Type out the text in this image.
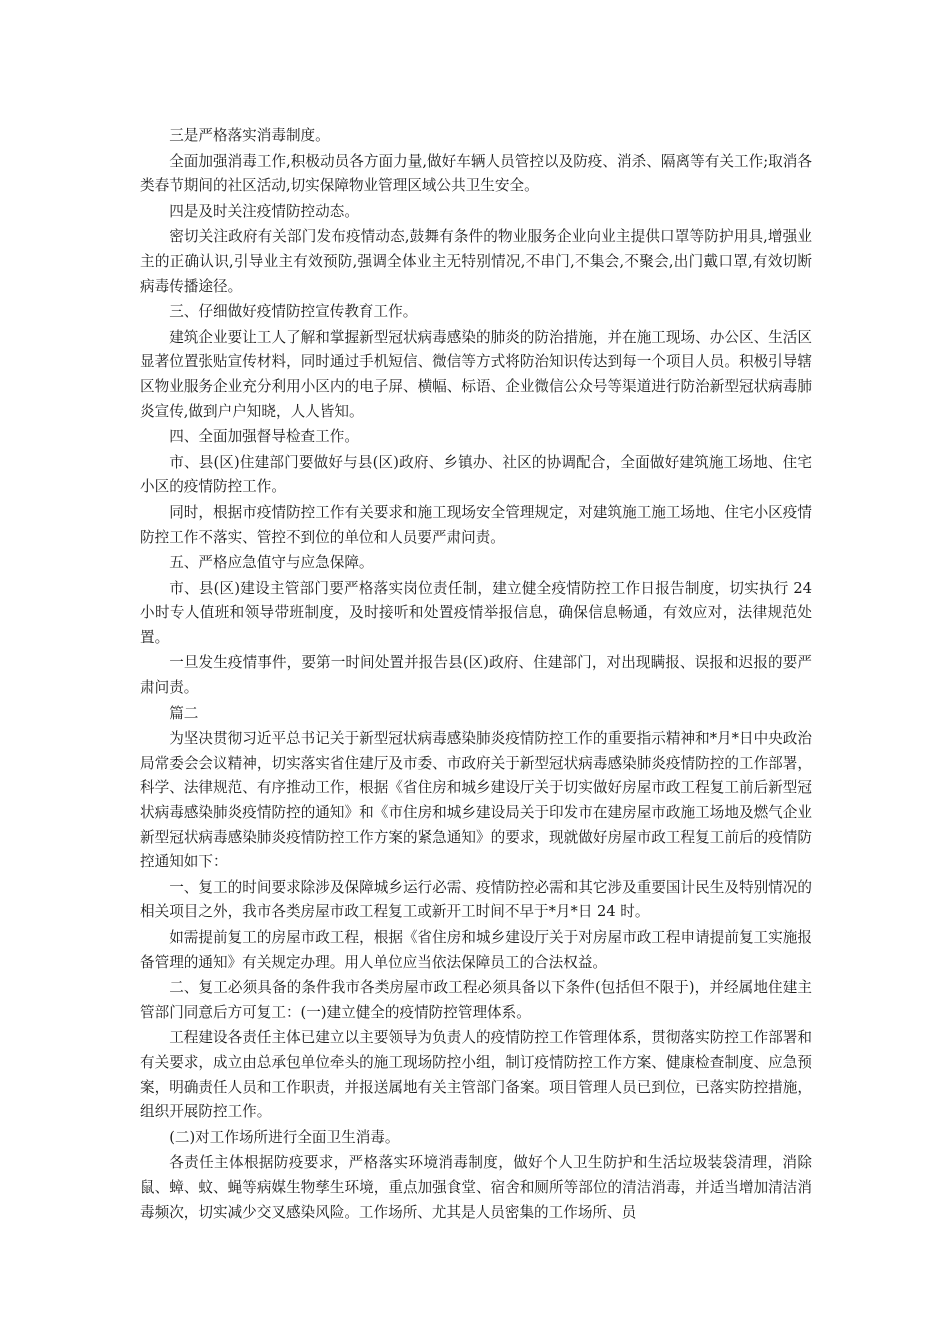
三是严格落实消毒制度。

全面加强消毒工作,积极动员各方面力量,做好车辆人员管控以及防疫、消杀、隔离等有关工作;取消各类春节期间的社区活动,切实保障物业管理区域公共卫生安全。

四是及时关注疫情防控动态。

密切关注政府有关部门发布疫情动态,鼓舞有条件的物业服务企业向业主提供口罩等防护用具,增强业主的正确认识,引导业主有效预防,强调全体业主无特别情况,不串门,不集会,不聚会,出门戴口罩,有效切断病毒传播途径。

三、仔细做好疫情防控宣传教育工作。

建筑企业要让工人了解和掌握新型冠状病毒感染的肺炎的防治措施，并在施工现场、办公区、生活区显著位置张贴宣传材料，同时通过手机短信、微信等方式将防治知识传达到每一个项目人员。积极引导辖区物业服务企业充分利用小区内的电子屏、横幅、标语、企业微信公众号等渠道进行防治新型冠状病毒肺炎宣传,做到户户知晓，人人皆知。

四、全面加强督导检查工作。

市、县(区)住建部门要做好与县(区)政府、乡镇办、社区的协调配合，全面做好建筑施工场地、住宅小区的疫情防控工作。

同时，根据市疫情防控工作有关要求和施工现场安全管理规定，对建筑施工施工场地、住宅小区疫情防控工作不落实、管控不到位的单位和人员要严肃问责。

五、严格应急值守与应急保障。

市、县(区)建设主管部门要严格落实岗位责任制，建立健全疫情防控工作日报告制度，切实执行 24 小时专人值班和领导带班制度，及时接听和处置疫情举报信息，确保信息畅通，有效应对，法律规范处置。

一旦发生疫情事件，要第一时间处置并报告县(区)政府、住建部门，对出现瞒报、误报和迟报的要严肃问责。

篇二

为坚决贯彻习近平总书记关于新型冠状病毒感染肺炎疫情防控工作的重要指示精神和*月*日中央政治局常委会会议精神，切实落实省住建厅及市委、市政府关于新型冠状病毒感染肺炎疫情防控的工作部署，科学、法律规范、有序推动工作，根据《省住房和城乡建设厅关于切实做好房屋市政工程复工前后新型冠状病毒感染肺炎疫情防控的通知》和《市住房和城乡建设局关于印发市在建房屋市政施工场地及燃气企业新型冠状病毒感染肺炎疫情防控工作方案的紧急通知》的要求，现就做好房屋市政工程复工前后的疫情防控通知如下：

一、复工的时间要求除涉及保障城乡运行必需、疫情防控必需和其它涉及重要国计民生及特别情况的相关项目之外，我市各类房屋市政工程复工或新开工时间不早于*月*日 24 时。

如需提前复工的房屋市政工程，根据《省住房和城乡建设厅关于对房屋市政工程申请提前复工实施报备管理的通知》有关规定办理。用人单位应当依法保障员工的合法权益。

二、复工必须具备的条件我市各类房屋市政工程必须具备以下条件(包括但不限于)，并经属地住建主管部门同意后方可复工：(一)建立健全的疫情防控管理体系。

工程建设各责任主体已建立以主要领导为负责人的疫情防控工作管理体系，贯彻落实防控工作部署和有关要求，成立由总承包单位牵头的施工现场防控小组，制订疫情防控工作方案、健康检查制度、应急预案，明确责任人员和工作职责，并报送属地有关主管部门备案。项目管理人员已到位，已落实防控措施，组织开展防控工作。

(二)对工作场所进行全面卫生消毒。

各责任主体根据防疫要求，严格落实环境消毒制度，做好个人卫生防护和生活垃圾装袋清理，消除鼠、蟑、蚊、蝇等病媒生物孳生环境，重点加强食堂、宿舍和厕所等部位的清洁消毒，并适当增加清洁消毒频次，切实减少交叉感染风险。工作场所、尤其是人员密集的工作场所、员
